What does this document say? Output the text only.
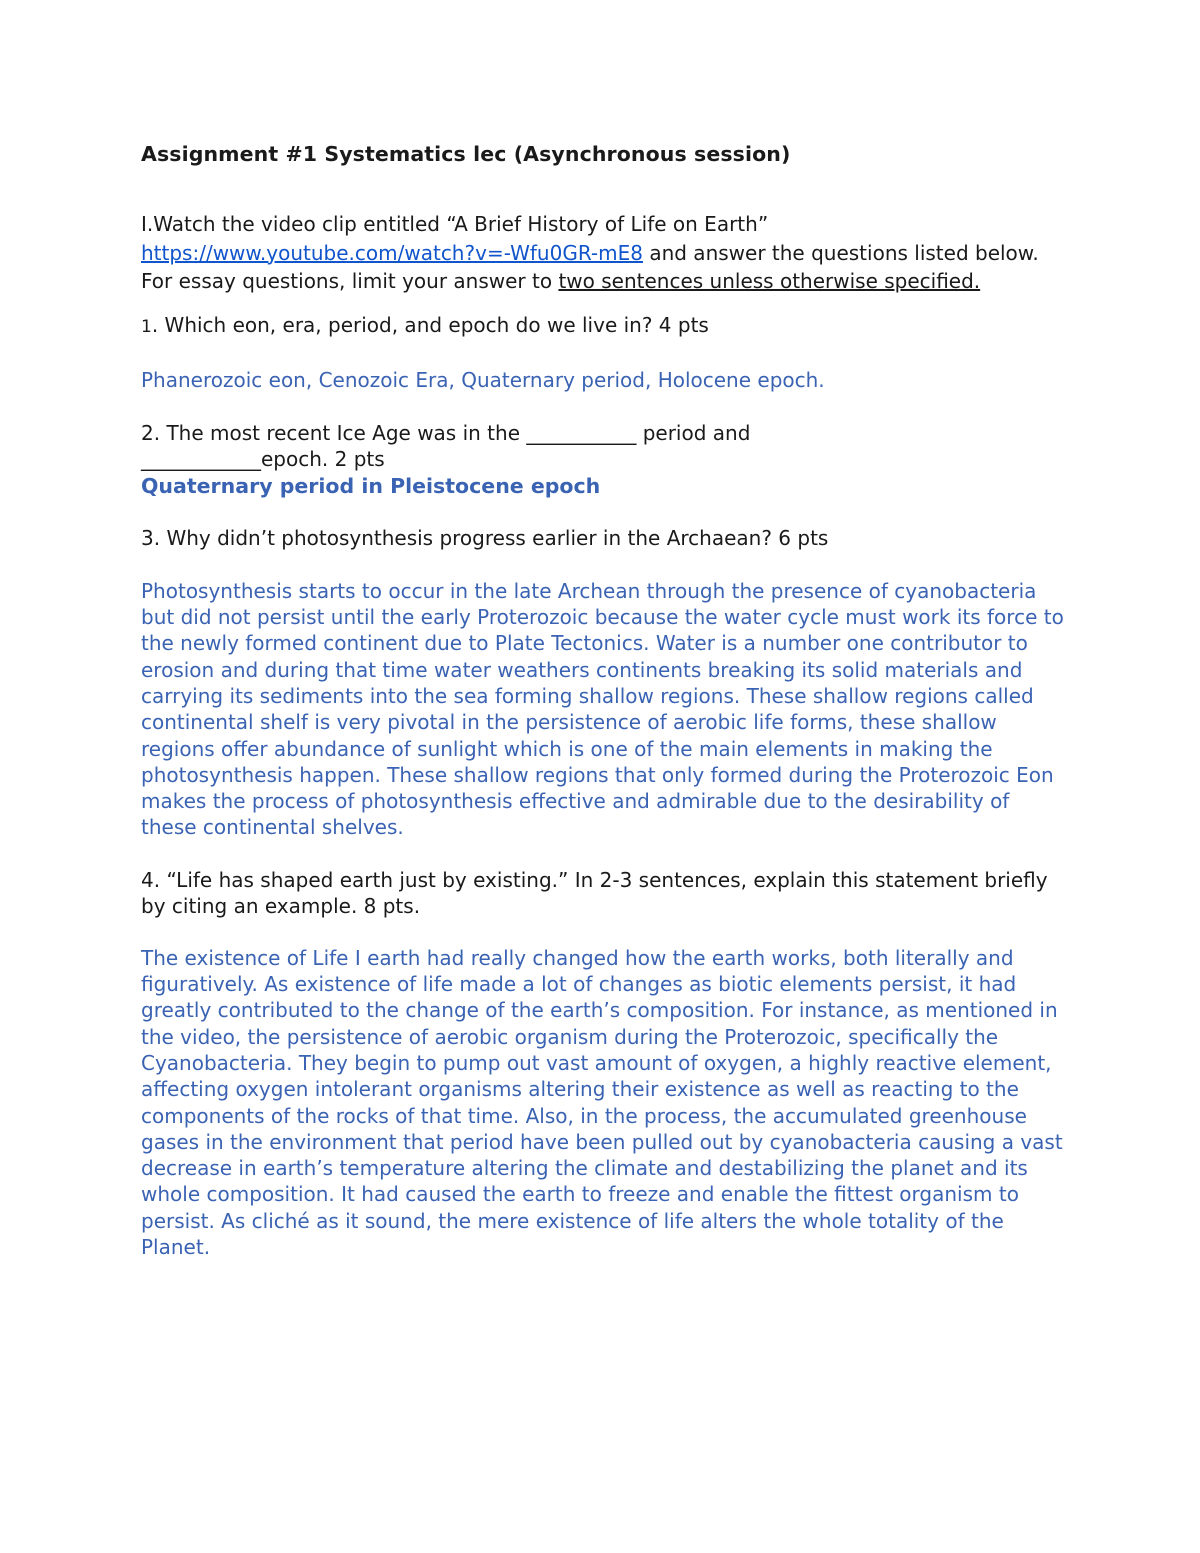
Assignment #1 Systematics lec (Asynchronous session)
I.Watch the video clip entitled “A Brief History of Life on Earth” https://www.youtube.com/watch?v=-Wfu0GR-mE8 and answer the questions listed below. For essay questions, limit your answer to two sentences unless otherwise specified.
1. Which eon, era, period, and epoch do we live in? 4 pts
Phanerozoic eon, Cenozoic Era, Quaternary period, Holocene epoch.
2. The most recent Ice Age was in the ___________ period and
____________epoch. 2 pts
Quaternary period in Pleistocene epoch
3. Why didn’t photosynthesis progress earlier in the Archaean? 6 pts
Photosynthesis starts to occur in the late Archean through the presence of cyanobacteria but did not persist until the early Proterozoic because the water cycle must work its force to the newly formed continent due to Plate Tectonics. Water is a number one contributor to erosion and during that time water weathers continents breaking its solid materials and carrying its sediments into the sea forming shallow regions. These shallow regions called continental shelf is very pivotal in the persistence of aerobic life forms, these shallow regions offer abundance of sunlight which is one of the main elements in making the photosynthesis happen. These shallow regions that only formed during the Proterozoic Eon makes the process of photosynthesis effective and admirable due to the desirability of these continental shelves.
4. “Life has shaped earth just by existing.” In 2-3 sentences, explain this statement briefly by citing an example. 8 pts.
The existence of Life I earth had really changed how the earth works, both literally and figuratively. As existence of life made a lot of changes as biotic elements persist, it had greatly contributed to the change of the earth’s composition. For instance, as mentioned in the video, the persistence of aerobic organism during the Proterozoic, specifically the Cyanobacteria. They begin to pump out vast amount of oxygen, a highly reactive element, affecting oxygen intolerant organisms altering their existence as well as reacting to the components of the rocks of that time. Also, in the process, the accumulated greenhouse gases in the environment that period have been pulled out by cyanobacteria causing a vast decrease in earth’s temperature altering the climate and destabilizing the planet and its whole composition. It had caused the earth to freeze and enable the fittest organism to persist. As cliché as it sound, the mere existence of life alters the whole totality of the Planet.
